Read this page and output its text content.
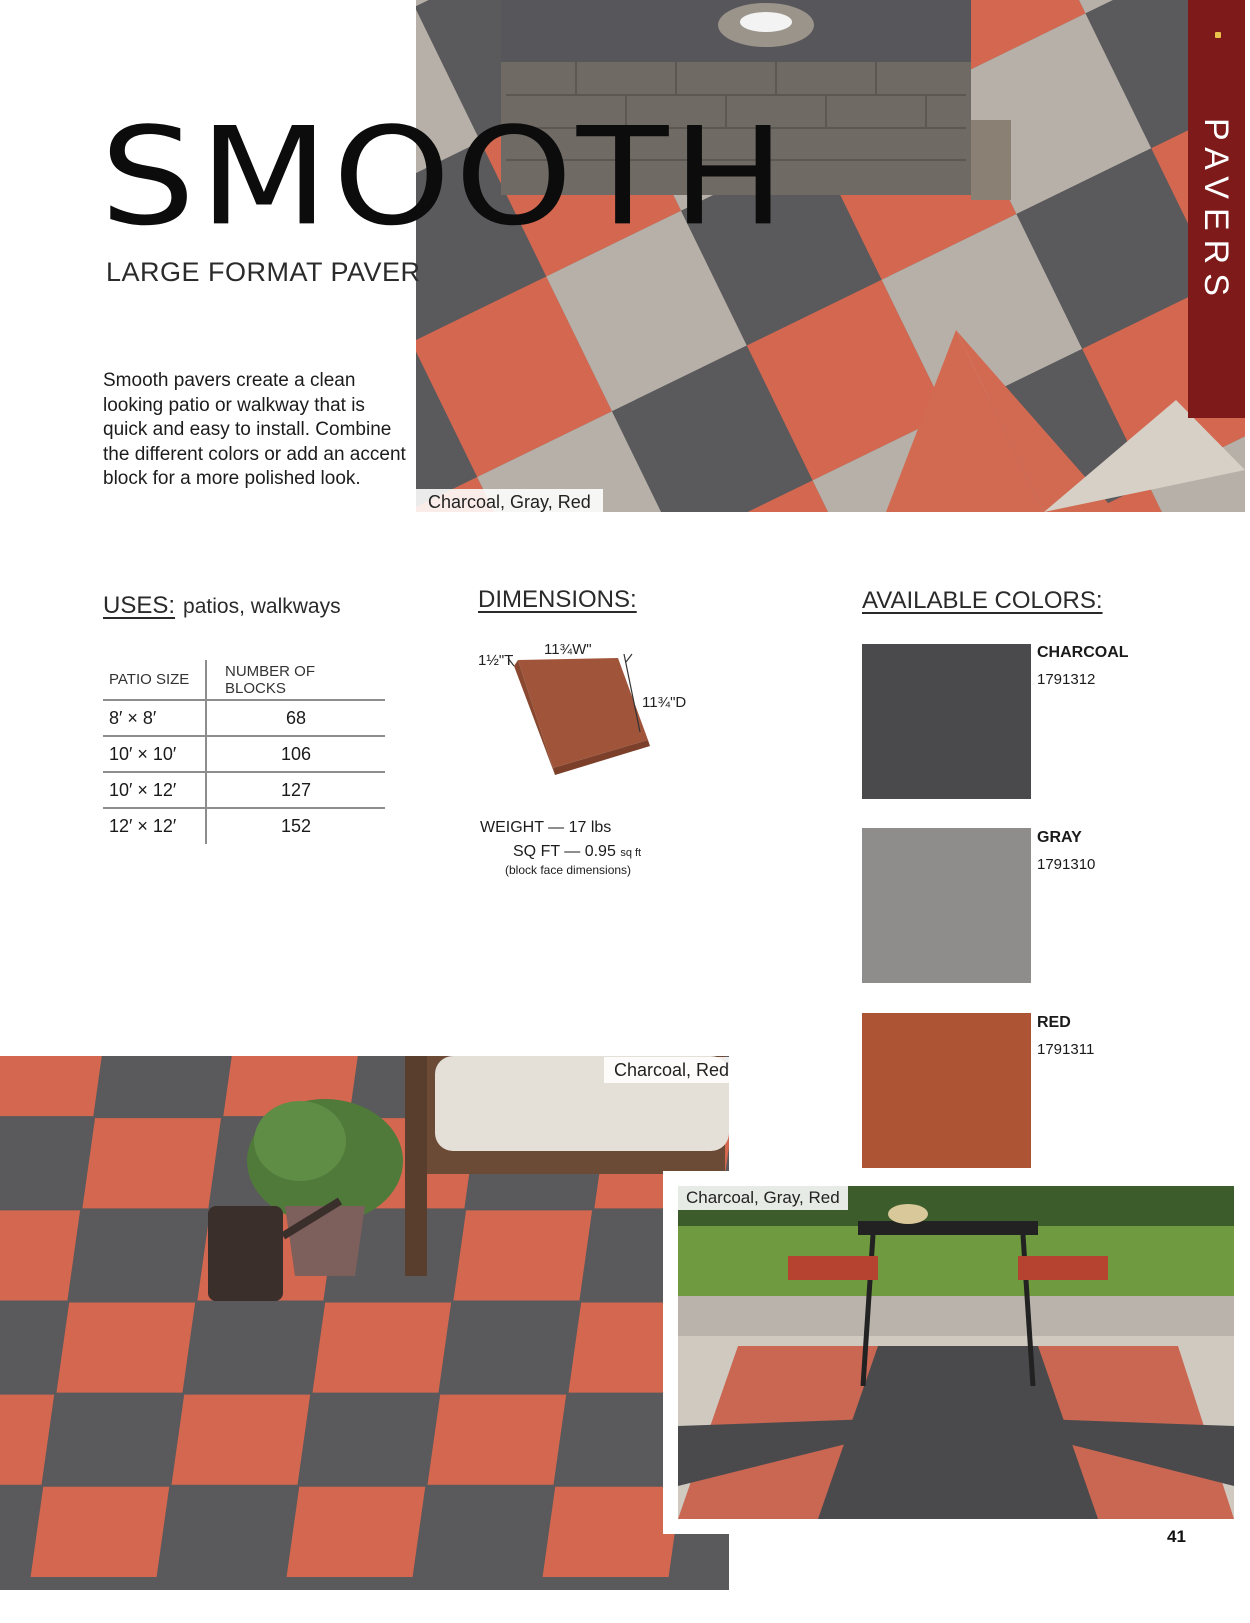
Charcoal, Gray, Red
PAVERS
SMOOTH
LARGE FORMAT PAVER

Smooth pavers create a clean looking patio or walkway that is quick and easy to install. Combine the different colors or add an accent block for a more polished look.

USES: patios, walkways
PATIO SIZE	NUMBER OF BLOCKS
8′ × 8′	68
10′ × 10′	106
10′ × 12′	127
12′ × 12′	152
DIMENSIONS:
1½"T
11¾W"
11¾"D
WEIGHT — 17 lbs
SQ FT — 0.95 sq ft
(block face dimensions)
AVAILABLE COLORS:
CHARCOAL
1791312
GRAY
1791310
RED
1791311
Charcoal, Red
Charcoal, Gray, Red
41
